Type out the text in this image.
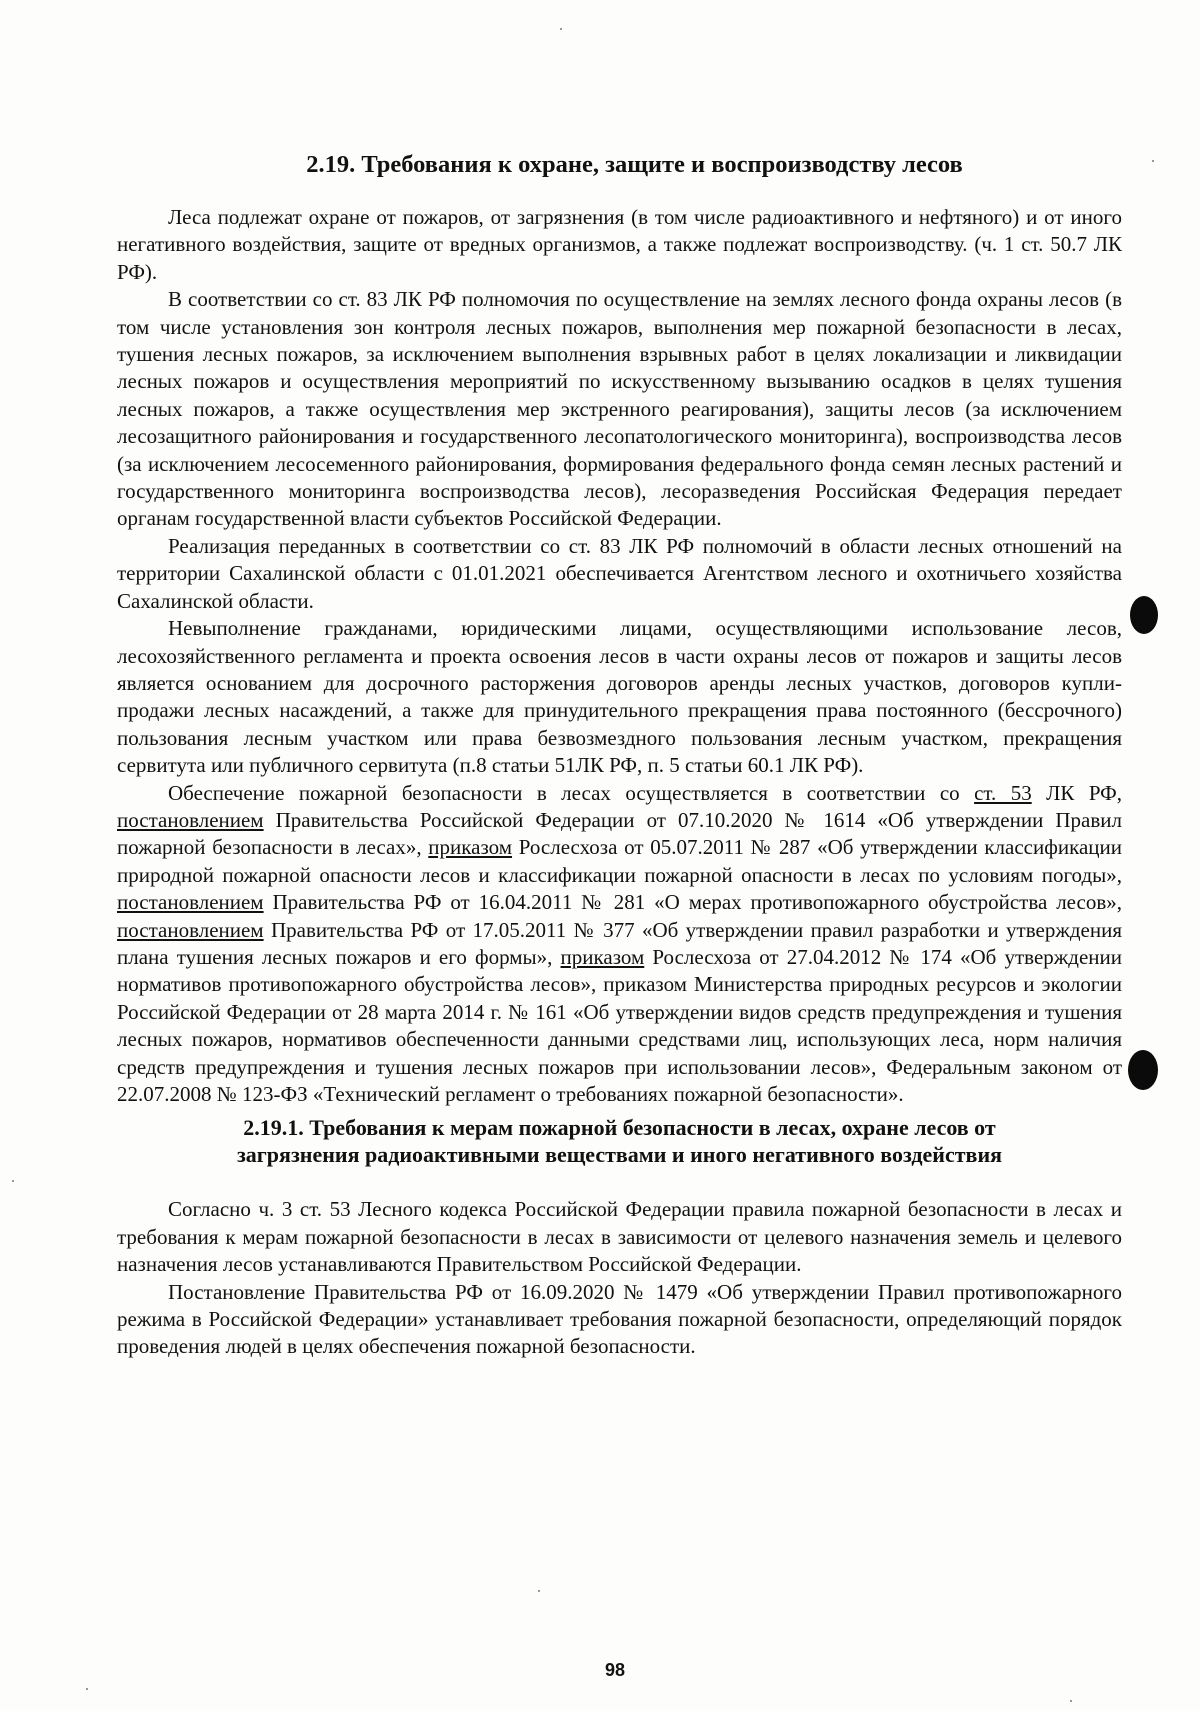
2.19. Требования к охране, защите и воспроизводству лесов

Леса подлежат охране от пожаров, от загрязнения (в том числе радиоактивного и нефтяного) и от иного негативного воздействия, защите от вредных организмов, а также подлежат воспроизводству. (ч. 1 ст. 50.7 ЛК РФ).

В соответствии со ст. 83 ЛК РФ полномочия по осуществление на землях лесного фонда охраны лесов (в том числе установления зон контроля лесных пожаров, выполнения мер пожарной безопасности в лесах, тушения лесных пожаров, за исключением выполнения взрывных работ в целях локализации и ликвидации лесных пожаров и осуществления мероприятий по искусственному вызыванию осадков в целях тушения лесных пожаров, а также осуществления мер экстренного реагирования), защиты лесов (за исключением лесозащитного районирования и государственного лесопатологического мониторинга), воспроизводства лесов (за исключением лесосеменного районирования, формирования федерального фонда семян лесных растений и государственного мониторинга воспроизводства лесов), лесоразведения Российская Федерация передает органам государственной власти субъектов Российской Федерации.

Реализация переданных в соответствии со ст. 83 ЛК РФ полномочий в области лесных отношений на территории Сахалинской области с 01.01.2021 обеспечивается Агентством лесного и охотничьего хозяйства Сахалинской области.

Невыполнение гражданами, юридическими лицами, осуществляющими использование лесов, лесохозяйственного регламента и проекта освоения лесов в части охраны лесов от пожаров и защиты лесов является основанием для досрочного расторжения договоров аренды лесных участков, договоров купли-продажи лесных насаждений, а также для принудительного прекращения права постоянного (бессрочного) пользования лесным участком или права безвозмездного пользования лесным участком, прекращения сервитута или публичного сервитута (п.8 статьи 51ЛК РФ, п. 5 статьи 60.1 ЛК РФ).

Обеспечение пожарной безопасности в лесах осуществляется в соответствии со ст. 53 ЛК РФ, постановлением Правительства Российской Федерации от 07.10.2020 № 1614 «Об утверждении Правил пожарной безопасности в лесах», приказом Рослесхоза от 05.07.2011 № 287 «Об утверждении классификации природной пожарной опасности лесов и классификации пожарной опасности в лесах по условиям погоды», постановлением Правительства РФ от 16.04.2011 № 281 «О мерах противопожарного обустройства лесов», постановлением Правительства РФ от 17.05.2011 № 377 «Об утверждении правил разработки и утверждения плана тушения лесных пожаров и его формы», приказом Рослесхоза от 27.04.2012 № 174 «Об утверждении нормативов противопожарного обустройства лесов», приказом Министерства природных ресурсов и экологии Российской Федерации от 28 марта 2014 г. № 161 «Об утверждении видов средств предупреждения и тушения лесных пожаров, нормативов обеспеченности данными средствами лиц, использующих леса, норм наличия средств предупреждения и тушения лесных пожаров при использовании лесов», Федеральным законом от 22.07.2008 № 123-ФЗ «Технический регламент о требованиях пожарной безопасности».

2.19.1. Требования к мерам пожарной безопасности в лесах, охране лесов от
загрязнения радиоактивными веществами и иного негативного воздействия

Согласно ч. 3 ст. 53 Лесного кодекса Российской Федерации правила пожарной безопасности в лесах и требования к мерам пожарной безопасности в лесах в зависимости от целевого назначения земель и целевого назначения лесов устанавливаются Правительством Российской Федерации.

Постановление Правительства РФ от 16.09.2020 № 1479 «Об утверждении Правил противопожарного режима в Российской Федерации» устанавливает требования пожарной безопасности, определяющий порядок проведения людей в целях обеспечения пожарной безопасности.

98
